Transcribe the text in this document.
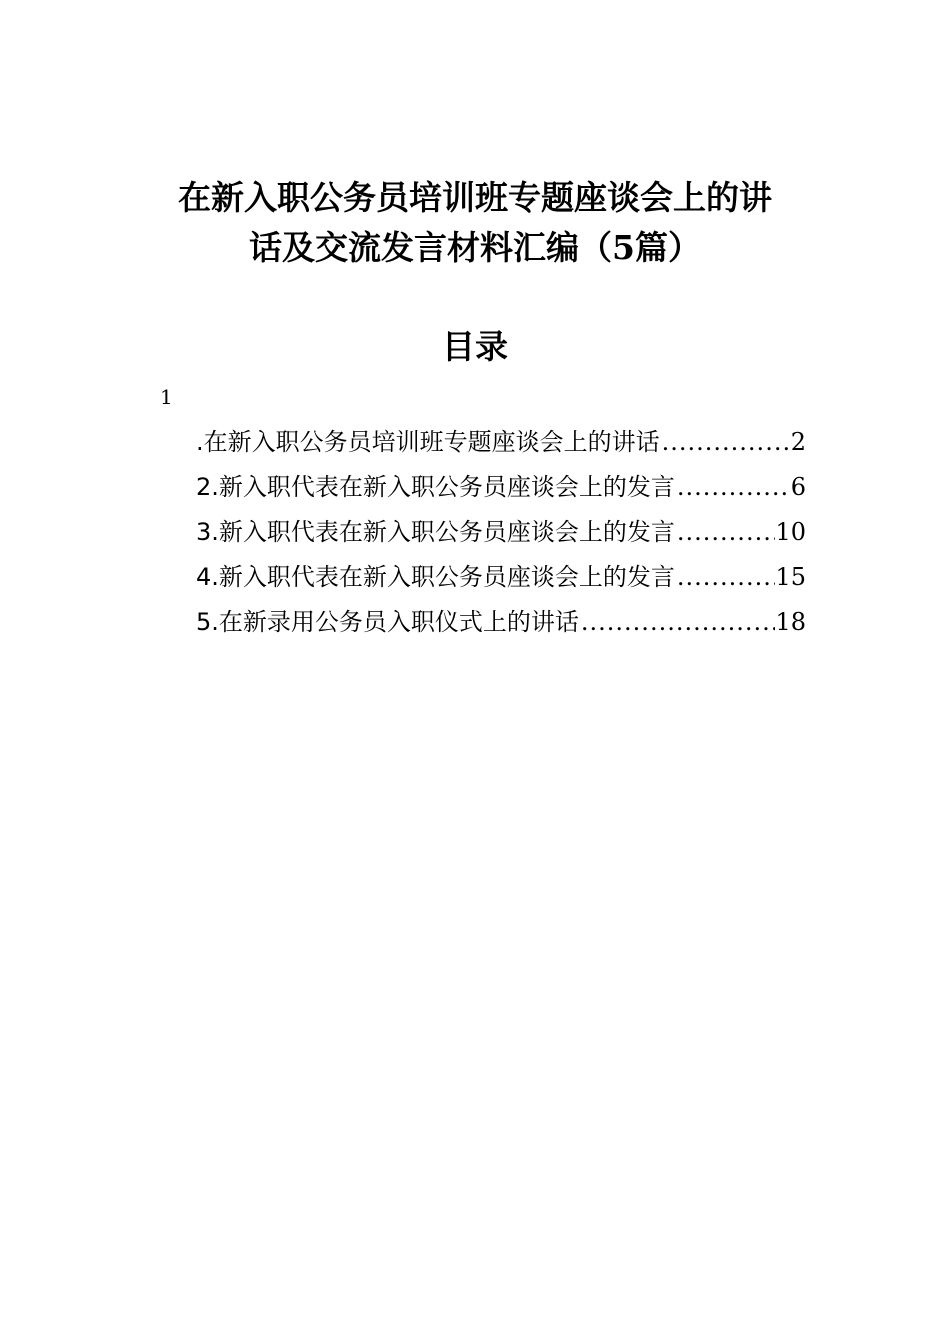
在新入职公务员培训班专题座谈会上的讲
话及交流发言材料汇编（5篇）
目录
1
.在新入职公务员培训班专题座谈会上的讲话 .....	2
2.新入职代表在新入职公务员座谈会上的发言 .....	6
3.新入职代表在新入职公务员座谈会上的发言 .....	10
4.新入职代表在新入职公务员座谈会上的发言 .....	15
5.在新录用公务员入职仪式上的讲话 .....	18
